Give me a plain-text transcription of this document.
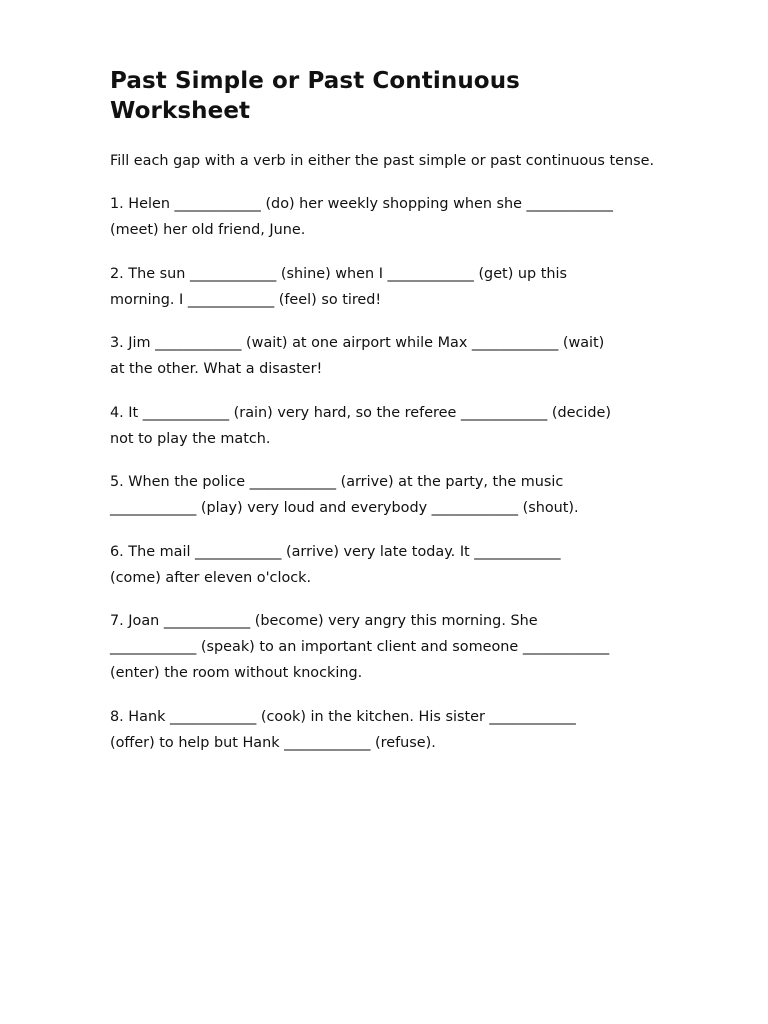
Past Simple or Past Continuous
Worksheet

Fill each gap with a verb in either the past simple or past continuous tense.

1. Helen ____________ (do) her weekly shopping when she ____________
(meet) her old friend, June.
2. The sun ____________ (shine) when I ____________ (get) up this
morning. I ____________ (feel) so tired!
3. Jim ____________ (wait) at one airport while Max ____________ (wait)
at the other. What a disaster!
4. It ____________ (rain) very hard, so the referee ____________ (decide)
not to play the match.
5. When the police ____________ (arrive) at the party, the music
____________ (play) very loud and everybody ____________ (shout).
6. The mail ____________ (arrive) very late today. It ____________
(come) after eleven o'clock.
7. Joan ____________ (become) very angry this morning. She
____________ (speak) to an important client and someone ____________
(enter) the room without knocking.
8. Hank ____________ (cook) in the kitchen. His sister ____________
(offer) to help but Hank ____________ (refuse).
